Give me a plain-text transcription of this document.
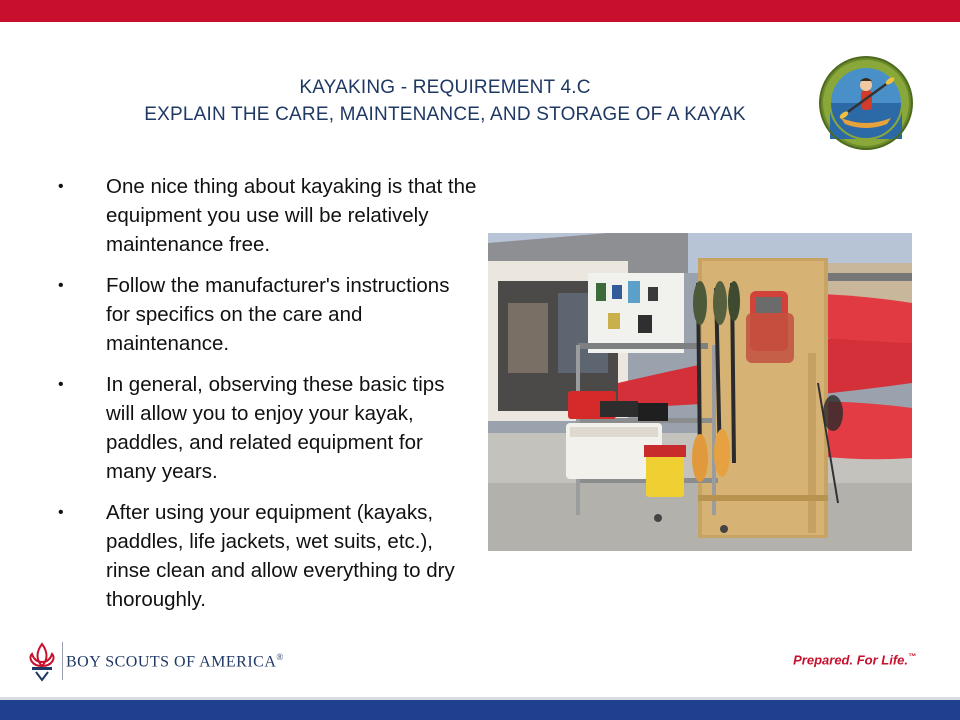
KAYAKING - REQUIREMENT 4.C
EXPLAIN THE CARE, MAINTENANCE, AND STORAGE OF A KAYAK
•	One nice thing about kayaking is that the equipment you use will be relatively maintenance free.
•	Follow the manufacturer's instructions for specifics on the care and maintenance.
•	In general, observing these basic tips will allow you to enjoy your kayak, paddles, and related equipment for many years.
•	After using your equipment (kayaks, paddles, life jackets, wet suits, etc.), rinse clean and allow everything to dry thoroughly.
BOY SCOUTS OF AMERICA®	Prepared. For Life.™
